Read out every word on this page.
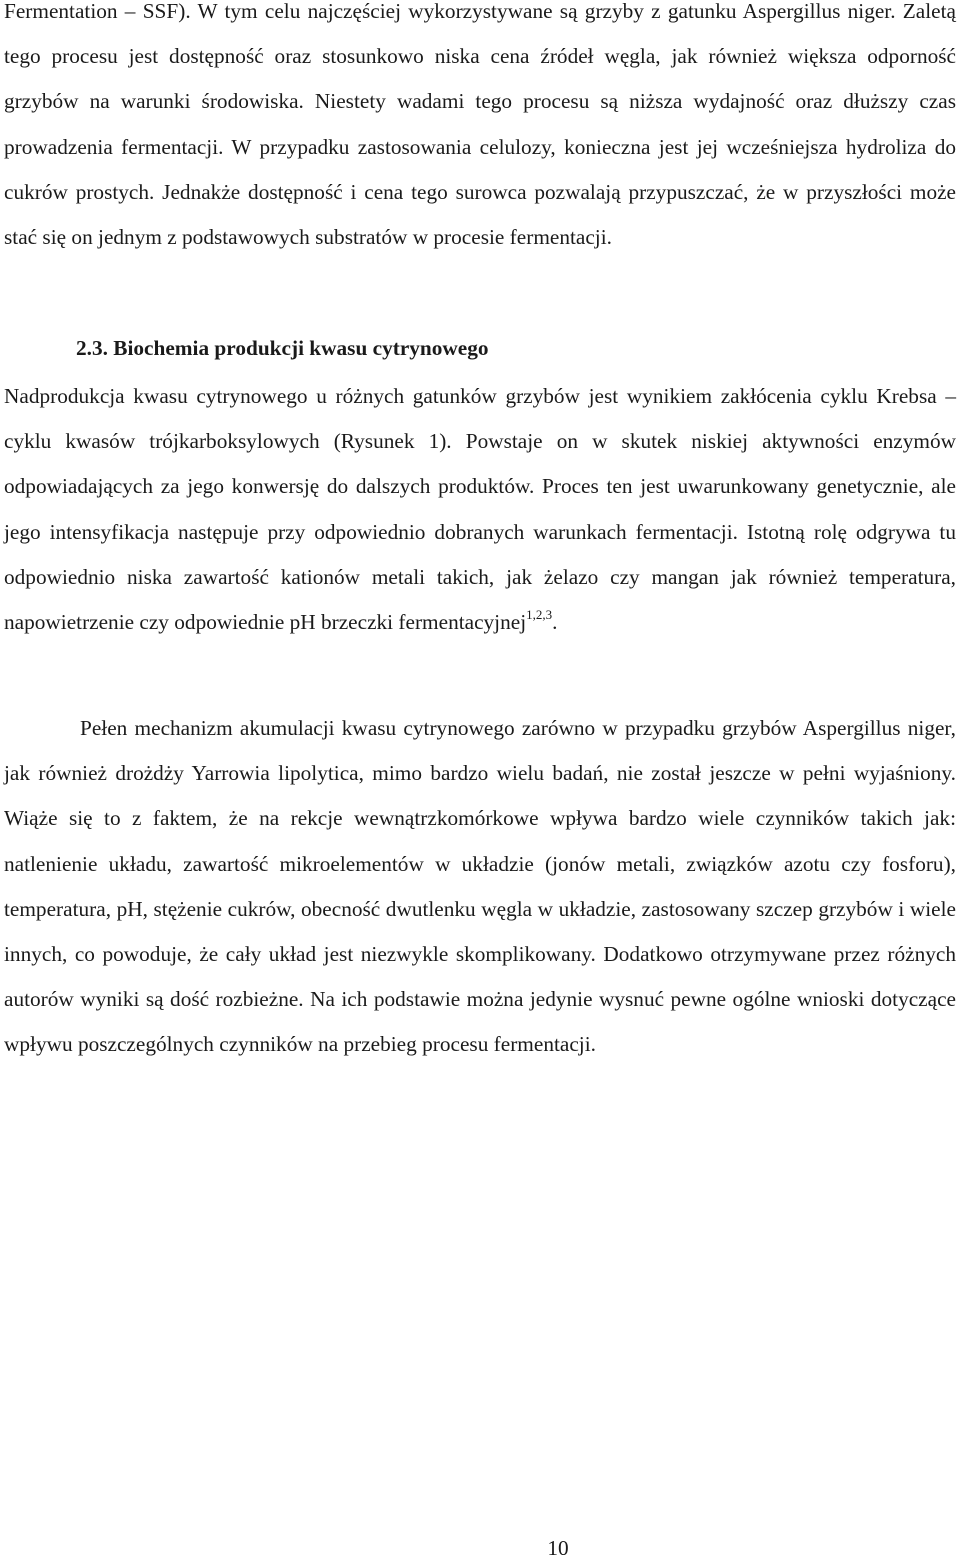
Fermentation – SSF). W tym celu najczęściej wykorzystywane są grzyby z gatunku Aspergillus niger. Zaletą tego procesu jest dostępność oraz stosunkowo niska cena źródeł węgla, jak również większa odporność grzybów na warunki środowiska. Niestety wadami tego procesu są niższa wydajność oraz dłuższy czas prowadzenia fermentacji. W przypadku zastosowania celulozy, konieczna jest jej wcześniejsza hydroliza do cukrów prostych. Jednakże dostępność i cena tego surowca pozwalają przypuszczać, że w przyszłości może stać się on jednym z podstawowych substratów w procesie fermentacji.

2.3. Biochemia produkcji kwasu cytrynowego

Nadprodukcja kwasu cytrynowego u różnych gatunków grzybów jest wynikiem zakłócenia cyklu Krebsa – cyklu kwasów trójkarboksylowych (Rysunek 1). Powstaje on w skutek niskiej aktywności enzymów odpowiadających za jego konwersję do dalszych produktów. Proces ten jest uwarunkowany genetycznie, ale jego intensyfikacja następuje przy odpowiednio dobranych warunkach fermentacji. Istotną rolę odgrywa tu odpowiednio niska zawartość kationów metali takich, jak żelazo czy mangan jak również temperatura, napowietrzenie czy odpowiednie pH brzeczki fermentacyjnej$^{1,2,3}$.

Pełen mechanizm akumulacji kwasu cytrynowego zarówno w przypadku grzybów Aspergillus niger, jak również drożdży Yarrowia lipolytica, mimo bardzo wielu badań, nie został jeszcze w pełni wyjaśniony. Wiąże się to z faktem, że na rekcje wewnątrzkomórkowe wpływa bardzo wiele czynników takich jak: natlenienie układu, zawartość mikroelementów w układzie (jonów metali, związków azotu czy fosforu), temperatura, pH, stężenie cukrów, obecność dwutlenku węgla w układzie, zastosowany szczep grzybów i wiele innych, co powoduje, że cały układ jest niezwykle skomplikowany. Dodatkowo otrzymywane przez różnych autorów wyniki są dość rozbieżne. Na ich podstawie można jedynie wysnuć pewne ogólne wnioski dotyczące wpływu poszczególnych czynników na przebieg procesu fermentacji.

10
